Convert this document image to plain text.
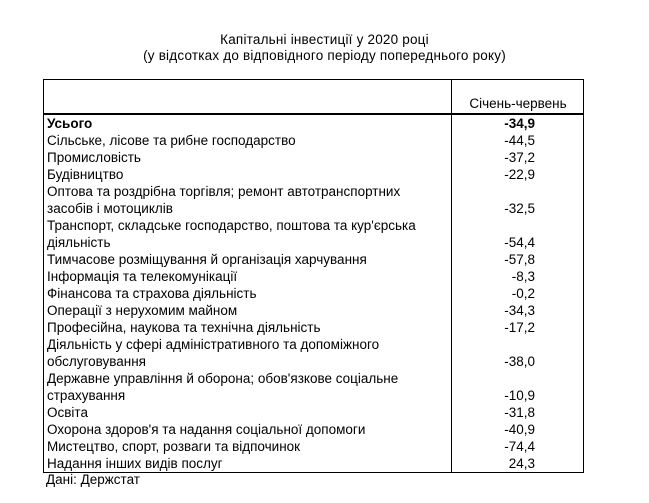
Капітальні інвестиції у 2020 році
(у відсотках до відповідного періоду попереднього року)
	Січень-червень
Усього	-34,9
Сільське, лісове та рибне господарство	-44,5
Промисловість	-37,2
Будівництво	-22,9
Оптова та роздрібна торгівля; ремонт автотранспортних засобів і мотоциклів	-32,5
Транспорт, складське господарство, поштова та кур'єрська діяльність	-54,4
Тимчасове розміщування й організація харчування	-57,8
Інформація та телекомунікації	-8,3
Фінансова та страхова діяльність	-0,2
Операції з нерухомим майном	-34,3
Професійна, наукова та технічна діяльність	-17,2
Діяльність у сфері адміністративного та допоміжного обслуговування	-38,0
Державне управління й оборона; обов'язкове соціальне страхування	-10,9
Освіта	-31,8
Охорона здоров'я та надання соціальної допомоги	-40,9
Мистецтво, спорт, розваги та відпочинок	-74,4
Надання інших видів послуг	24,3
Дані: Держстат
